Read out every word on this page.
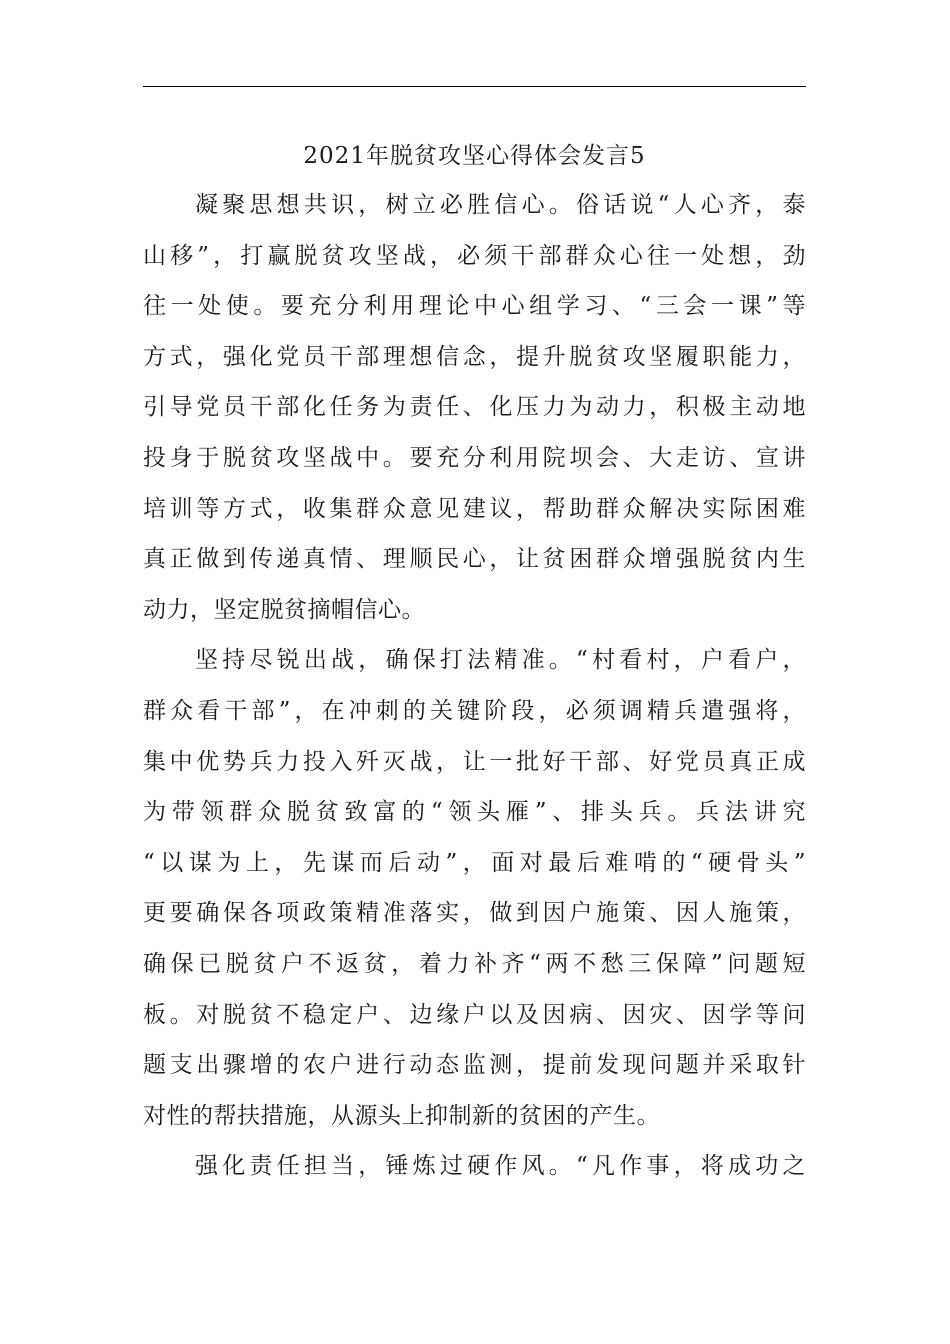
2021年脱贫攻坚心得体会发言5
凝聚思想共识，树立必胜信心。俗话说“人心齐，泰
山移”，打赢脱贫攻坚战，必须干部群众心往一处想，劲
往一处使。要充分利用理论中心组学习、“三会一课”等
方式，强化党员干部理想信念，提升脱贫攻坚履职能力，
引导党员干部化任务为责任、化压力为动力，积极主动地
投身于脱贫攻坚战中。要充分利用院坝会、大走访、宣讲
培训等方式，收集群众意见建议，帮助群众解决实际困难
真正做到传递真情、理顺民心，让贫困群众增强脱贫内生
动力，坚定脱贫摘帽信心。
坚持尽锐出战，确保打法精准。“村看村，户看户，
群众看干部”，在冲刺的关键阶段，必须调精兵遣强将，
集中优势兵力投入歼灭战，让一批好干部、好党员真正成
为带领群众脱贫致富的“领头雁”、排头兵。兵法讲究
“以谋为上，先谋而后动”，面对最后难啃的“硬骨头”
更要确保各项政策精准落实，做到因户施策、因人施策，
确保已脱贫户不返贫，着力补齐“两不愁三保障”问题短
板。对脱贫不稳定户、边缘户以及因病、因灾、因学等问
题支出骤增的农户进行动态监测，提前发现问题并采取针
对性的帮扶措施，从源头上抑制新的贫困的产生。
强化责任担当，锤炼过硬作风。“凡作事，将成功之
